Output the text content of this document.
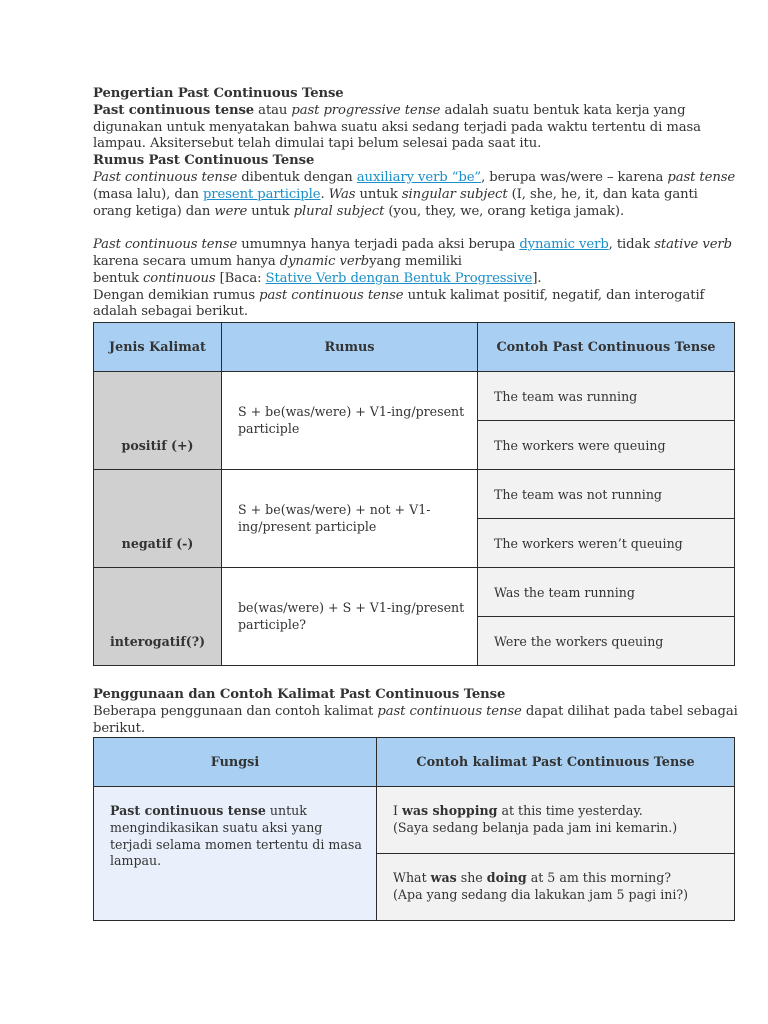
Pengertian Past Continuous Tense

Past continuous tense atau past progressive tense adalah suatu bentuk kata kerja yang digunakan untuk menyatakan bahwa suatu aksi sedang terjadi pada waktu tertentu di masa lampau. Aksitersebut telah dimulai tapi belum selesai pada saat itu.

Rumus Past Continuous Tense

Past continuous tense dibentuk dengan auxiliary verb “be”, berupa was/were – karena past tense (masa lalu), dan present participle. Was untuk singular subject (I, she, he, it, dan kata ganti orang ketiga) dan were untuk plural subject (you, they, we, orang ketiga jamak).

Past continuous tense umumnya hanya terjadi pada aksi berupa dynamic verb, tidak stative verb karena secara umum hanya dynamic verbyang memiliki
bentuk continuous [Baca: Stative Verb dengan Bentuk Progressive].

Dengan demikian rumus past continuous tense untuk kalimat positif, negatif, dan interogatif adalah sebagai berikut.

Jenis Kalimat	Rumus	Contoh Past Continuous Tense
positif (+)	S + be(was/were) + V1-ing/present participle	The team was running
		The workers were queuing
negatif (-)	S + be(was/were) + not + V1-ing/present participle	The team was not running
		The workers weren’t queuing
interogatif(?)	be(was/were) + S + V1-ing/present participle?	Was the team running
		Were the workers queuing

Penggunaan dan Contoh Kalimat Past Continuous Tense

Beberapa penggunaan dan contoh kalimat past continuous tense dapat dilihat pada tabel sebagai berikut.

Fungsi	Contoh kalimat Past Continuous Tense
Past continuous tense untuk mengindikasikan suatu aksi yang terjadi selama momen tertentu di masa lampau.	I was shopping at this time yesterday.
(Saya sedang belanja pada jam ini kemarin.)
	What was she doing at 5 am this morning?
(Apa yang sedang dia lakukan jam 5 pagi ini?)
